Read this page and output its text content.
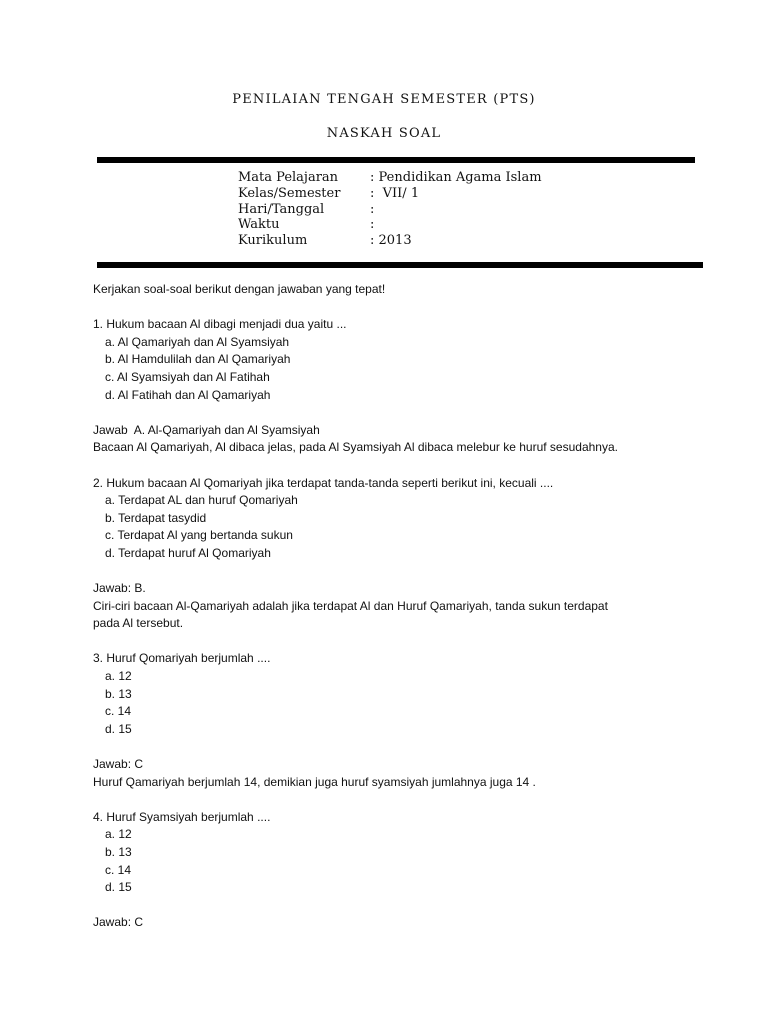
PENILAIAN TENGAH SEMESTER (PTS)
NASKAH SOAL
Mata Pelajaran	: Pendidikan Agama Islam
Kelas/Semester	:  VII/ 1
Hari/Tanggal	:
Waktu	:
Kurikulum	: 2013

Kerjakan soal-soal berikut dengan jawaban yang tepat!

1. Hukum bacaan Al dibagi menjadi dua yaitu ...

a. Al Qamariyah dan Al Syamsiyah

b. Al Hamdulilah dan Al Qamariyah

c. Al Syamsiyah dan Al Fatihah

d. Al Fatihah dan Al Qamariyah

Jawab  A. Al-Qamariyah dan Al Syamsiyah

Bacaan Al Qamariyah, Al dibaca jelas, pada Al Syamsiyah Al dibaca melebur ke huruf sesudahnya.

2. Hukum bacaan Al Qomariyah jika terdapat tanda-tanda seperti berikut ini, kecuali ....

a. Terdapat AL dan huruf Qomariyah

b. Terdapat tasydid

c. Terdapat Al yang bertanda sukun

d. Terdapat huruf Al Qomariyah

Jawab: B.

Ciri-ciri bacaan Al-Qamariyah adalah jika terdapat Al dan Huruf Qamariyah, tanda sukun terdapat
pada Al tersebut.

3. Huruf Qomariyah berjumlah ....

a. 12

b. 13

c. 14

d. 15

Jawab: C

Huruf Qamariyah berjumlah 14, demikian juga huruf syamsiyah jumlahnya juga 14 .

4. Huruf Syamsiyah berjumlah ....

a. 12

b. 13

c. 14

d. 15

Jawab: C
